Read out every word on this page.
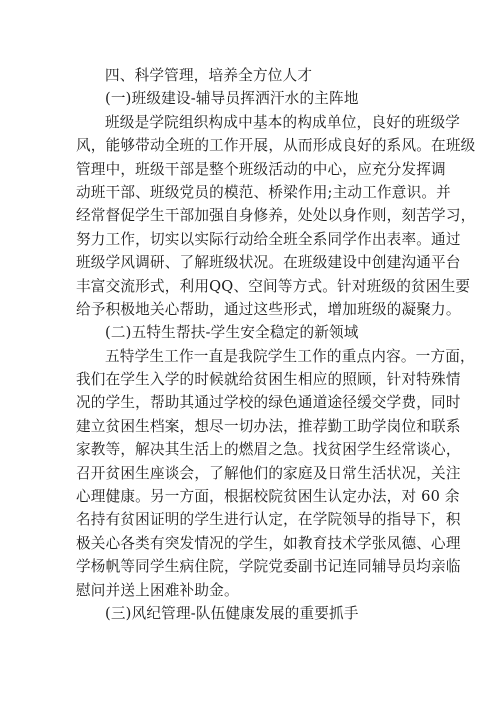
四、科学管理，培养全方位人才
(一)班级建设-辅导员挥洒汗水的主阵地
班级是学院组织构成中基本的构成单位，良好的班级学
风，能够带动全班的工作开展，从而形成良好的系风。在班级
管理中，班级干部是整个班级活动的中心，应充分发挥调
动班干部、班级党员的模范、桥梁作用;主动工作意识。并
经常督促学生干部加强自身修养，处处以身作则，刻苦学习，
努力工作，切实以实际行动给全班全系同学作出表率。通过
班级学风调研、了解班级状况。在班级建设中创建沟通平台
丰富交流形式，利用QQ、空间等方式。针对班级的贫困生要
给予积极地关心帮助，通过这些形式，增加班级的凝聚力。
(二)五特生帮扶-学生安全稳定的新领域
五特学生工作一直是我院学生工作的重点内容。一方面，
我们在学生入学的时候就给贫困生相应的照顾，针对特殊情
况的学生，帮助其通过学校的绿色通道途径缓交学费，同时
建立贫困生档案，想尽一切办法，推荐勤工助学岗位和联系
家教等，解决其生活上的燃眉之急。找贫困学生经常谈心，
召开贫困生座谈会，了解他们的家庭及日常生活状况，关注
心理健康。另一方面，根据校院贫困生认定办法，对 60 余
名持有贫困证明的学生进行认定，在学院领导的指导下，积
极关心各类有突发情况的学生，如教育技术学张凤德、心理
学杨帆等同学生病住院，学院党委副书记连同辅导员均亲临
慰问并送上困难补助金。
(三)风纪管理-队伍健康发展的重要抓手
